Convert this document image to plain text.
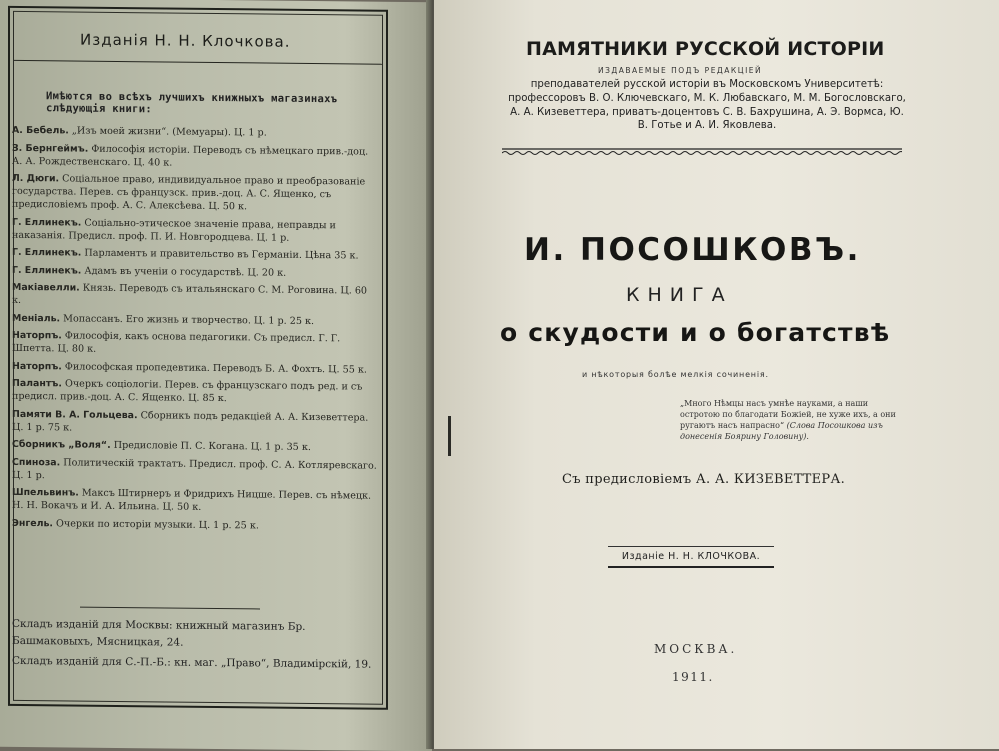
Изданія Н. Н. Клочкова.
Имѣются во всѣхъ лучшихъ книжныхъ магазинахъ слѣдующія книги:
А. Бебель. „Изъ моей жизни“. (Мемуары). Ц. 1 р.
З. Бернгеймъ. Философія исторіи. Переводъ съ нѣмецкаго прив.-доц. А. А. Рождественскаго. Ц. 40 к.
Л. Дюги. Соціальное право, индивидуальное право и преобразованіе государства. Перев. съ французск. прив.-доц. А. С. Ященко, съ предисловіемъ проф. А. С. Алексѣева. Ц. 50 к.
Г. Еллинекъ. Соціально-этическое значеніе права, неправды и наказанія. Предисл. проф. П. И. Новгородцева. Ц. 1 р.
Г. Еллинекъ. Парламентъ и правительство въ Германіи. Цѣна 35 к.
Г. Еллинекъ. Адамъ въ ученіи о государствѣ. Ц. 20 к.
Макіавелли. Князь. Переводъ съ итальянскаго С. М. Роговина. Ц. 60 к.
Меніаль. Мопассанъ. Его жизнь и творчество. Ц. 1 р. 25 к.
Наторпъ. Философія, какъ основа педагогики. Съ предисл. Г. Г. Шпетта. Ц. 80 к.
Наторпъ. Философская пропедевтика. Переводъ Б. А. Фохтъ. Ц. 55 к.
Палантъ. Очеркъ соціологіи. Перев. съ французскаго подъ ред. и съ предисл. прив.-доц. А. С. Ященко. Ц. 85 к.
Памяти В. А. Гольцева. Сборникъ подъ редакціей А. А. Кизеветтера. Ц. 1 р. 75 к.
Сборникъ „Воля“. Предисловіе П. С. Когана. Ц. 1 р. 35 к.
Спиноза. Политическій трактатъ. Предисл. проф. С. А. Котляревскаго. Ц. 1 р.
Шпельвинъ. Максъ Штирнеръ и Фридрихъ Ницше. Перев. съ нѣмецк. Н. Н. Вокачъ и И. А. Ильина. Ц. 50 к.
Энгель. Очерки по исторіи музыки. Ц. 1 р. 25 к.
Складъ изданій для Москвы: книжный магазинъ Бр. Башмаковыхъ, Мясницкая, 24.
Складъ изданій для С.-П.-Б.: кн. маг. „Право“, Владимірскій, 19.
ПАМЯТНИКИ РУССКОЙ ИСТОРІИ
ИЗДАВАЕМЫЕ ПОДЪ РЕДАКЦІЕЙ
преподавателей русской исторіи въ Московскомъ Университетѣ: профессоровъ В. О. Ключевскаго, М. К. Любавскаго, М. М. Богословскаго, А. А. Кизеветтера, приватъ-доцентовъ С. В. Бахрушина, А. Э. Вормса, Ю. В. Готье и А. И. Яковлева.
И. ПОСОШКОВЪ.
КНИГА
о скудости и о богатствѣ
и нѣкоторыя болѣе мелкія сочиненія.
„Много Нѣмцы насъ умнѣе науками, а наши остротою по благодати Божіей, не хуже ихъ, а они ругаютъ насъ напрасно“ (Слова Посошкова изъ донесенія Боярину Головину).
Съ предисловіемъ А. А. КИЗЕВЕТТЕРА.
Изданіе Н. Н. КЛОЧКОВА.
МОСКВА.
1911.
